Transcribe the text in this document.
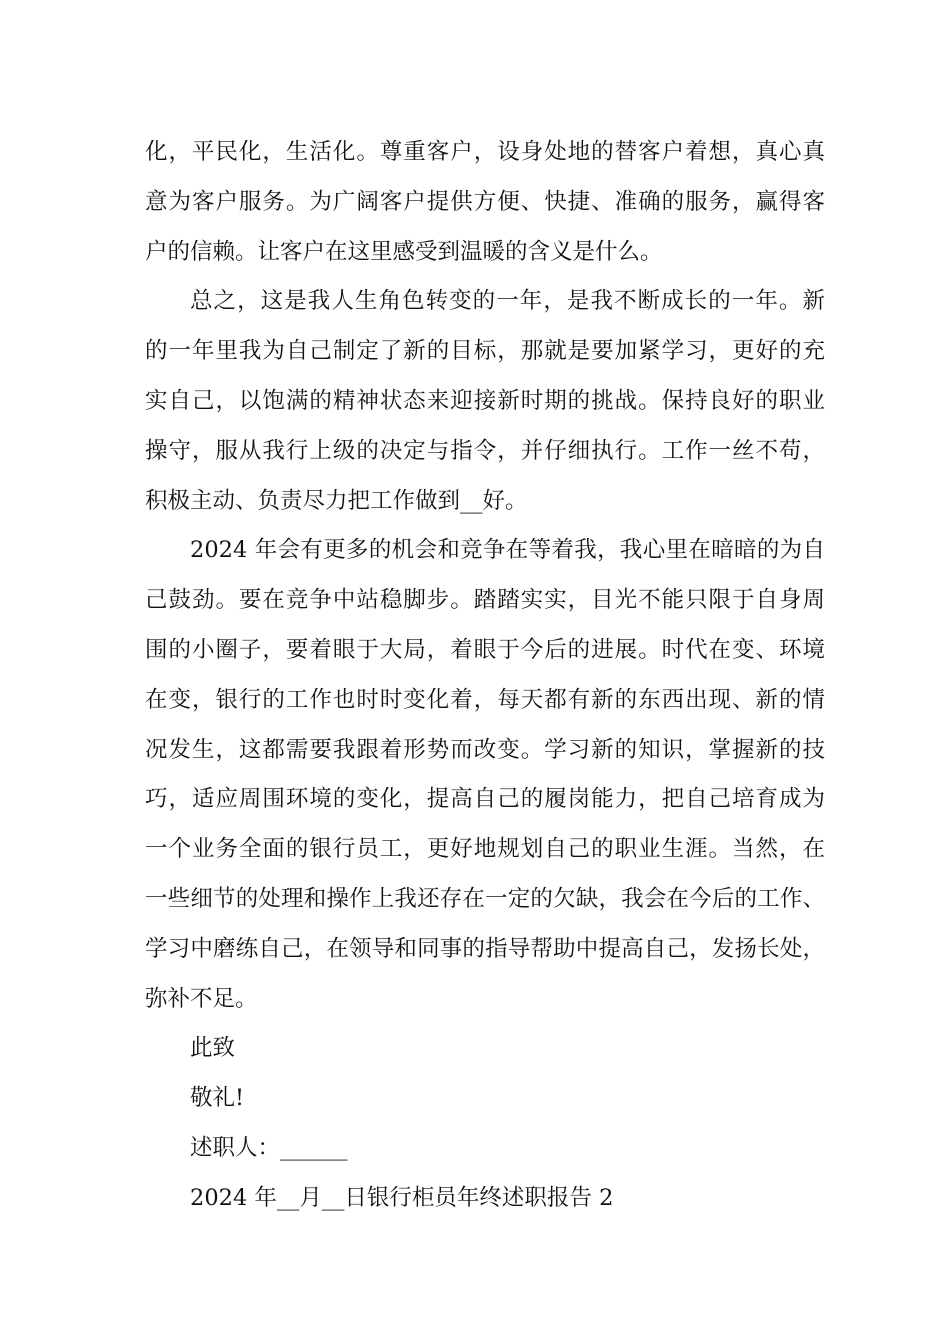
化，平民化，生活化。尊重客户，设身处地的替客户着想，真心真
意为客户服务。为广阔客户提供方便、快捷、准确的服务，赢得客
户的信赖。让客户在这里感受到温暖的含义是什么。
总之，这是我人生角色转变的一年，是我不断成长的一年。新
的一年里我为自己制定了新的目标，那就是要加紧学习，更好的充
实自己，以饱满的精神状态来迎接新时期的挑战。保持良好的职业
操守，服从我行上级的决定与指令，并仔细执行。工作一丝不苟，
积极主动、负责尽力把工作做到__好。
2024 年会有更多的机会和竞争在等着我，我心里在暗暗的为自
己鼓劲。要在竞争中站稳脚步。踏踏实实，目光不能只限于自身周
围的小圈子，要着眼于大局，着眼于今后的进展。时代在变、环境
在变，银行的工作也时时变化着，每天都有新的东西出现、新的情
况发生，这都需要我跟着形势而改变。学习新的知识，掌握新的技
巧，适应周围环境的变化，提高自己的履岗能力，把自己培育成为
一个业务全面的银行员工，更好地规划自己的职业生涯。当然，在
一些细节的处理和操作上我还存在一定的欠缺，我会在今后的工作、
学习中磨练自己，在领导和同事的指导帮助中提高自己，发扬长处，
弥补不足。
此致
敬礼!
述职人：______
2024 年__月__日银行柜员年终述职报告 2
